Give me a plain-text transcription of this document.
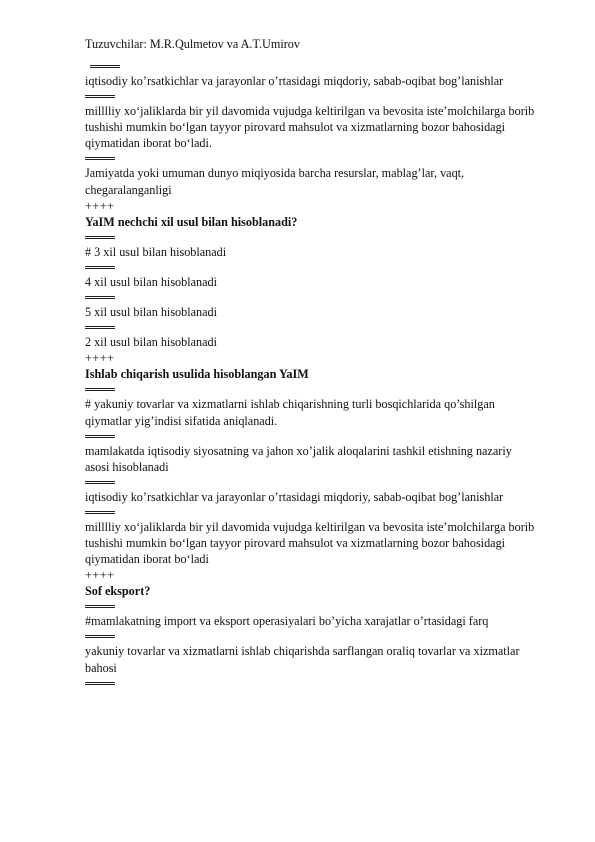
Tuzuvchilar: M.R.Qulmetov va A.T.Umirov
iqtisodiy ko’rsatkichlar va jarayonlar o’rtasidagi miqdoriy, sabab-oqibat bog’lanishlar
milllliy xo‘jaliklarda bir yil davomida vujudga keltirilgan va bevosita iste’molchilarga borib tushishi mumkin bo‘lgan tayyor pirovard mahsulot va xizmatlarning bozor bahosidagi qiymatidan iborat bo‘ladi.
Jamiyatda yoki umuman dunyo miqiyosida barcha resurslar, mablag’lar, vaqt, chegaralanganligi
++++
YaIM nechchi xil usul bilan hisoblanadi?
# 3 xil usul bilan hisoblanadi
4 xil usul bilan hisoblanadi
5 xil usul bilan hisoblanadi
2 xil usul bilan hisoblanadi
++++
Ishlab chiqarish usulida hisoblangan YaIM
# yakuniy tovarlar va xizmatlarni ishlab chiqarishning turli bosqichlarida qo’shilgan qiymatlar yig’indisi sifatida aniqlanadi.
mamlakatda iqtisodiy siyosatning va jahon xo’jalik aloqalarini tashkil etishning nazariy asosi hisoblanadi
iqtisodiy ko’rsatkichlar va jarayonlar o’rtasidagi miqdoriy, sabab-oqibat bog’lanishlar
milllliy xo‘jaliklarda bir yil davomida vujudga keltirilgan va bevosita iste’molchilarga borib tushishi mumkin bo‘lgan tayyor pirovard mahsulot va xizmatlarning bozor bahosidagi qiymatidan iborat bo‘ladi
++++
Sof eksport?
#mamlakatning import va eksport operasiyalari bo’yicha xarajatlar o’rtasidagi farq
yakuniy tovarlar va xizmatlarni ishlab chiqarishda sarflangan oraliq tovarlar va xizmatlar bahosi
